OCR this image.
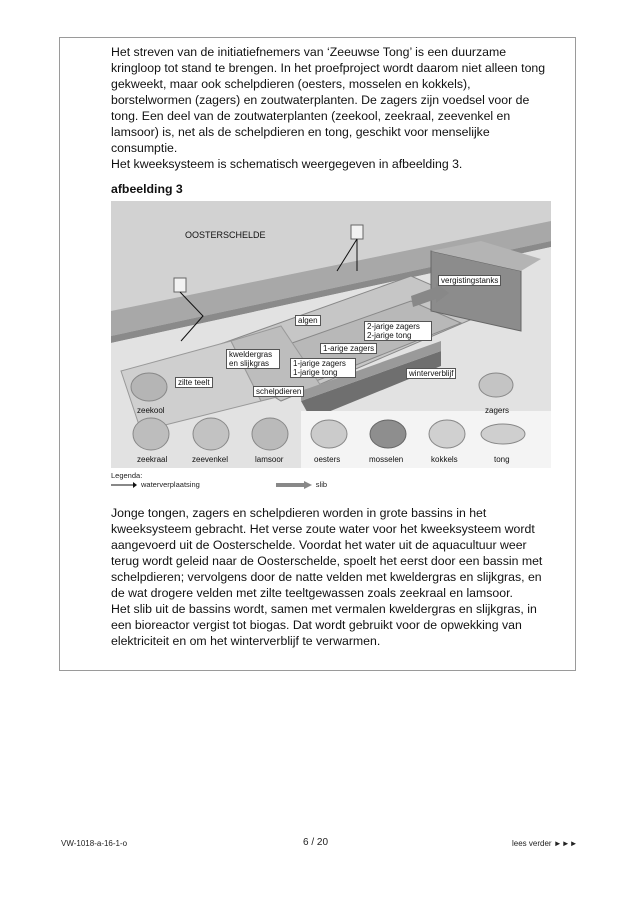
Het streven van de initiatiefnemers van ‘Zeeuwse Tong’ is een duurzame kringloop tot stand te brengen. In het proefproject wordt daarom niet alleen tong gekweekt, maar ook schelpdieren (oesters, mosselen en kokkels), borstelwormen (zagers) en zoutwaterplanten. De zagers zijn voedsel voor de tong. Een deel van de zoutwaterplanten (zeekool, zeekraal, zeevenkel en lamsoor) is, net als de schelpdieren en tong, geschikt voor menselijke consumptie.

Het kweeksysteem is schematisch weergegeven in afbeelding 3.

afbeelding 3
OOSTERSCHELDE
vergistingstanks
algen
2-jarige zagers
2-jarige tong
1-arige zagers
kweldergras
en slijkgras	1-jarige zagers
1-jarige tong	winterverblijf
zilte teelt
schelpdieren
zeekool	zagers
zeekraal	zeevenkel	lamsoor	oesters	mosselen	kokkels	tong
Legenda:
waterverplaatsing	slib

Jonge tongen, zagers en schelpdieren worden in grote bassins in het kweeksysteem gebracht. Het verse zoute water voor het kweeksysteem wordt aangevoerd uit de Oosterschelde. Voordat het water uit de aquacultuur weer terug wordt geleid naar de Oosterschelde, spoelt het eerst door een bassin met schelpdieren; vervolgens door de natte velden met kweldergras en slijkgras, en de wat drogere velden met zilte teeltgewassen zoals zeekraal en lamsoor.

Het slib uit de bassins wordt, samen met vermalen kweldergras en slijkgras, in een bioreactor vergist tot biogas. Dat wordt gebruikt voor de opwekking van elektriciteit en om het winterverblijf te verwarmen.

VW-1018-a-16-1-o	6 / 20	lees verder ►►►
